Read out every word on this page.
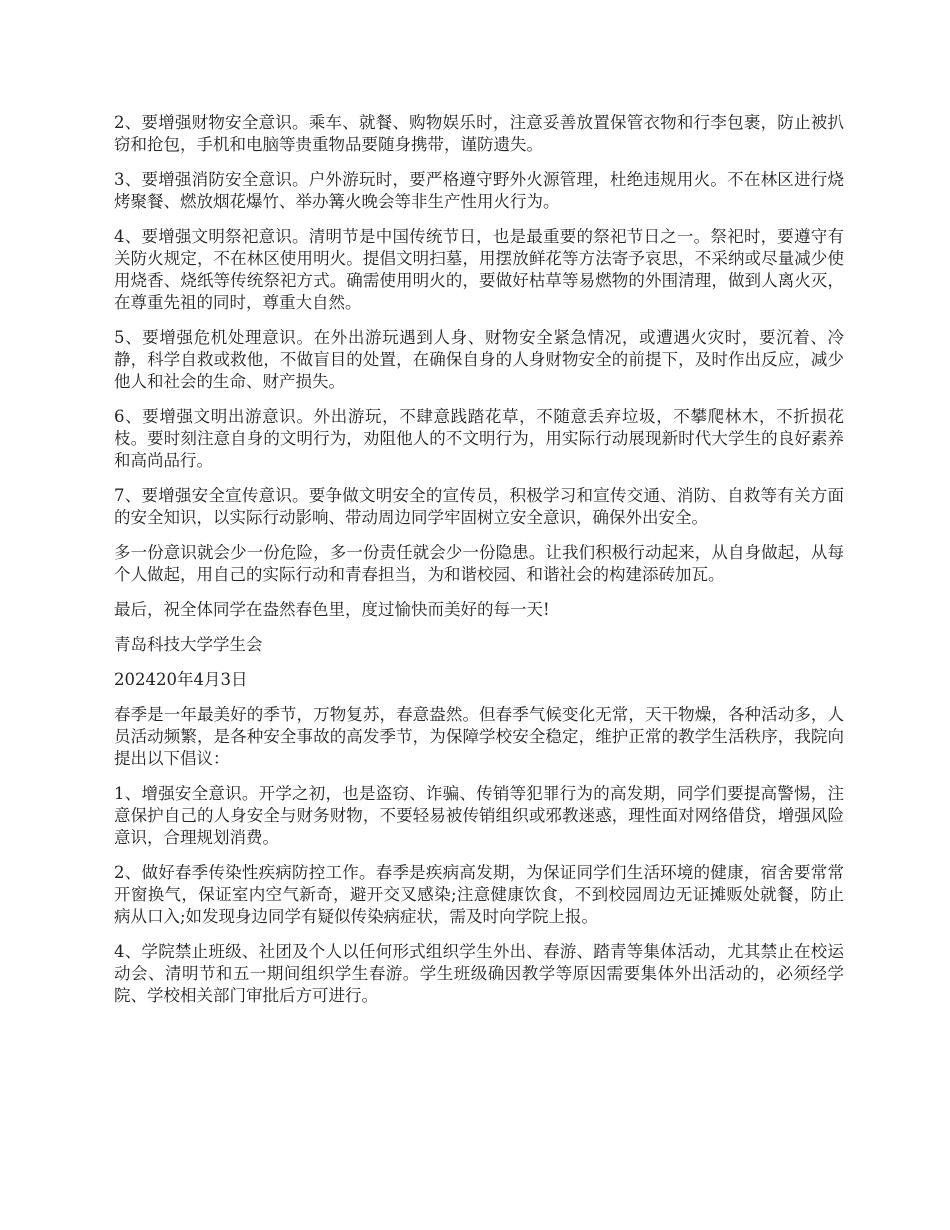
2、要增强财物安全意识。乘车、就餐、购物娱乐时，注意妥善放置保管衣物和行李包裹，防止被扒窃和抢包，手机和电脑等贵重物品要随身携带，谨防遗失。

3、要增强消防安全意识。户外游玩时，要严格遵守野外火源管理，杜绝违规用火。不在林区进行烧烤聚餐、燃放烟花爆竹、举办篝火晚会等非生产性用火行为。

4、要增强文明祭祀意识。清明节是中国传统节日，也是最重要的祭祀节日之一。祭祀时，要遵守有关防火规定，不在林区使用明火。提倡文明扫墓，用摆放鲜花等方法寄予哀思，不采纳或尽量减少使用烧香、烧纸等传统祭祀方式。确需使用明火的，要做好枯草等易燃物的外围清理，做到人离火灭，在尊重先祖的同时，尊重大自然。

5、要增强危机处理意识。在外出游玩遇到人身、财物安全紧急情况，或遭遇火灾时，要沉着、冷静，科学自救或救他，不做盲目的处置，在确保自身的人身财物安全的前提下，及时作出反应，减少他人和社会的生命、财产损失。

6、要增强文明出游意识。外出游玩，不肆意践踏花草，不随意丢弃垃圾，不攀爬林木，不折损花枝。要时刻注意自身的文明行为，劝阻他人的不文明行为，用实际行动展现新时代大学生的良好素养和高尚品行。

7、要增强安全宣传意识。要争做文明安全的宣传员，积极学习和宣传交通、消防、自救等有关方面的安全知识，以实际行动影响、带动周边同学牢固树立安全意识，确保外出安全。

多一份意识就会少一份危险，多一份责任就会少一份隐患。让我们积极行动起来，从自身做起，从每个人做起，用自己的实际行动和青春担当，为和谐校园、和谐社会的构建添砖加瓦。

最后，祝全体同学在盎然春色里，度过愉快而美好的每一天!

青岛科技大学学生会

202420年4月3日

春季是一年最美好的季节，万物复苏，春意盎然。但春季气候变化无常，天干物燥，各种活动多，人员活动频繁，是各种安全事故的高发季节，为保障学校安全稳定，维护正常的教学生活秩序，我院向提出以下倡议：

1、增强安全意识。开学之初，也是盗窃、诈骗、传销等犯罪行为的高发期，同学们要提高警惕，注意保护自己的人身安全与财务财物，不要轻易被传销组织或邪教迷惑，理性面对网络借贷，增强风险意识，合理规划消费。

2、做好春季传染性疾病防控工作。春季是疾病高发期，为保证同学们生活环境的健康，宿舍要常常开窗换气，保证室内空气新奇，避开交叉感染;注意健康饮食，不到校园周边无证摊贩处就餐，防止病从口入;如发现身边同学有疑似传染病症状，需及时向学院上报。

4、学院禁止班级、社团及个人以任何形式组织学生外出、春游、踏青等集体活动，尤其禁止在校运动会、清明节和五一期间组织学生春游。学生班级确因教学等原因需要集体外出活动的，必须经学院、学校相关部门审批后方可进行。
